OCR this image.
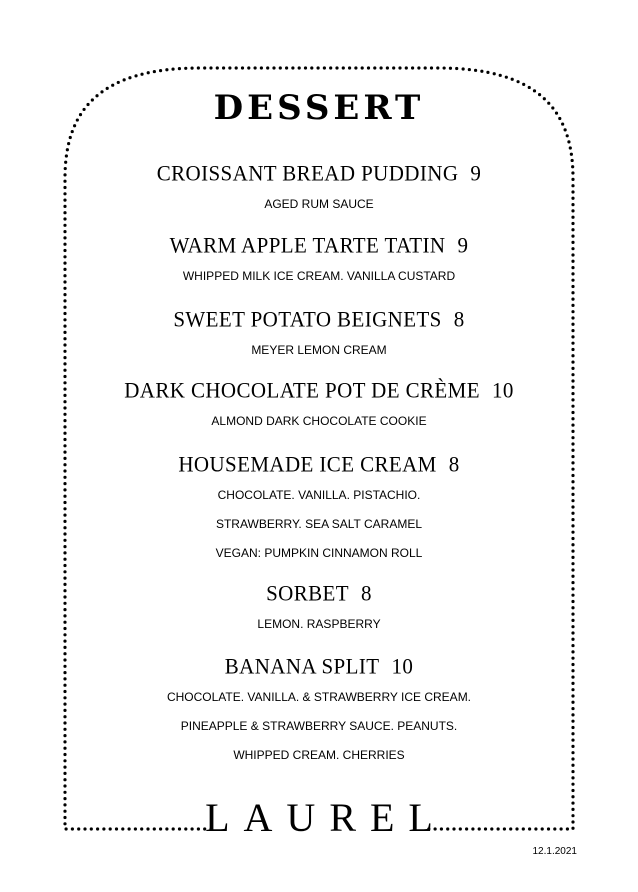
DESSERT
CROISSANT BREAD PUDDING 9
AGED RUM SAUCE
WARM APPLE TARTE TATIN 9
WHIPPED MILK ICE CREAM. VANILLA CUSTARD
SWEET POTATO BEIGNETS 8
MEYER LEMON CREAM
DARK CHOCOLATE POT DE CRÈME 10
ALMOND DARK CHOCOLATE COOKIE
HOUSEMADE ICE CREAM 8
CHOCOLATE. VANILLA. PISTACHIO.
STRAWBERRY. SEA SALT CARAMEL
VEGAN: PUMPKIN CINNAMON ROLL
SORBET 8
LEMON. RASPBERRY
BANANA SPLIT 10
CHOCOLATE. VANILLA. & STRAWBERRY ICE CREAM.
PINEAPPLE & STRAWBERRY SAUCE. PEANUTS.
WHIPPED CREAM. CHERRIES
LAUREL
12.1.2021
